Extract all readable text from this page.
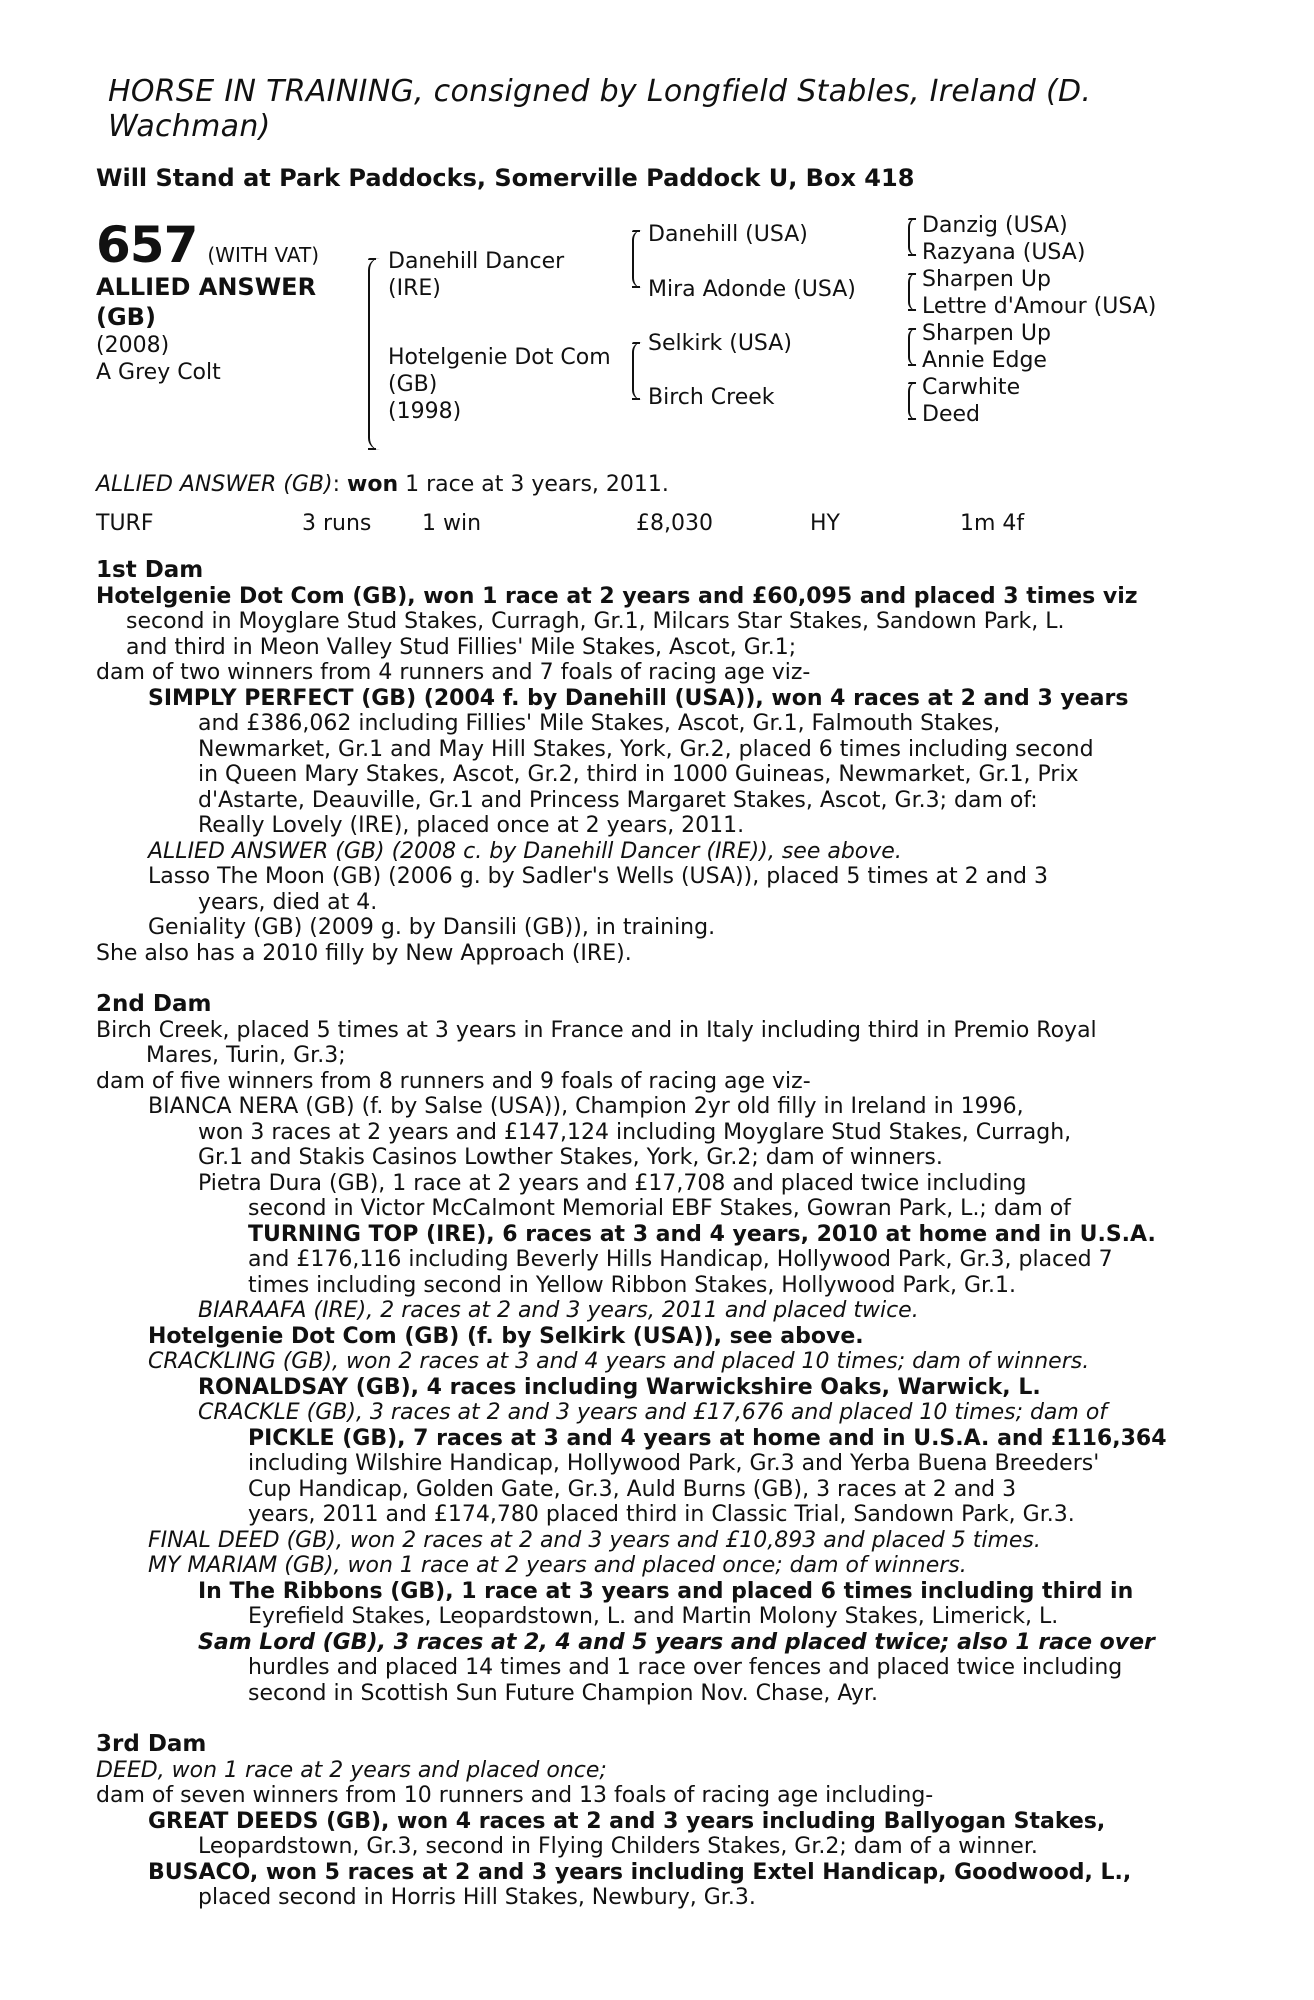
HORSE IN TRAINING, consigned by Longfield Stables, Ireland (D. Wachman)
Will Stand at Park Paddocks, Somerville Paddock U, Box 418
657 (WITH VAT)
ALLIED ANSWER
(GB)
(2008)
A Grey Colt
Danehill Dancer
(IRE)
Hotelgenie Dot Com
(GB)
(1998)
Danehill (USA)
Mira Adonde (USA)
Selkirk (USA)
Birch Creek
Danzig (USA)
Razyana (USA)
Sharpen Up
Lettre d'Amour (USA)
Sharpen Up
Annie Edge
Carwhite
Deed
ALLIED ANSWER (GB): won 1 race at 3 years, 2011.
TURF	3 runs	1 win	£8,030	HY	1m 4f
1st Dam
Hotelgenie Dot Com (GB), won 1 race at 2 years and £60,095 and placed 3 times viz
second in Moyglare Stud Stakes, Curragh, Gr.1, Milcars Star Stakes, Sandown Park, L.
and third in Meon Valley Stud Fillies' Mile Stakes, Ascot, Gr.1;
dam of two winners from 4 runners and 7 foals of racing age viz-
SIMPLY PERFECT (GB) (2004 f. by Danehill (USA)), won 4 races at 2 and 3 years
and £386,062 including Fillies' Mile Stakes, Ascot, Gr.1, Falmouth Stakes,
Newmarket, Gr.1 and May Hill Stakes, York, Gr.2, placed 6 times including second
in Queen Mary Stakes, Ascot, Gr.2, third in 1000 Guineas, Newmarket, Gr.1, Prix
d'Astarte, Deauville, Gr.1 and Princess Margaret Stakes, Ascot, Gr.3; dam of:
Really Lovely (IRE), placed once at 2 years, 2011.
ALLIED ANSWER (GB) (2008 c. by Danehill Dancer (IRE)), see above.
Lasso The Moon (GB) (2006 g. by Sadler's Wells (USA)), placed 5 times at 2 and 3
years, died at 4.
Geniality (GB) (2009 g. by Dansili (GB)), in training.
She also has a 2010 filly by New Approach (IRE).
2nd Dam
Birch Creek, placed 5 times at 3 years in France and in Italy including third in Premio Royal
Mares, Turin, Gr.3;
dam of five winners from 8 runners and 9 foals of racing age viz-
BIANCA NERA (GB) (f. by Salse (USA)), Champion 2yr old filly in Ireland in 1996,
won 3 races at 2 years and £147,124 including Moyglare Stud Stakes, Curragh,
Gr.1 and Stakis Casinos Lowther Stakes, York, Gr.2; dam of winners.
Pietra Dura (GB), 1 race at 2 years and £17,708 and placed twice including
second in Victor McCalmont Memorial EBF Stakes, Gowran Park, L.; dam of
TURNING TOP (IRE), 6 races at 3 and 4 years, 2010 at home and in U.S.A.
and £176,116 including Beverly Hills Handicap, Hollywood Park, Gr.3, placed 7
times including second in Yellow Ribbon Stakes, Hollywood Park, Gr.1.
BIARAAFA (IRE), 2 races at 2 and 3 years, 2011 and placed twice.
Hotelgenie Dot Com (GB) (f. by Selkirk (USA)), see above.
CRACKLING (GB), won 2 races at 3 and 4 years and placed 10 times; dam of winners.
RONALDSAY (GB), 4 races including Warwickshire Oaks, Warwick, L.
CRACKLE (GB), 3 races at 2 and 3 years and £17,676 and placed 10 times; dam of
PICKLE (GB), 7 races at 3 and 4 years at home and in U.S.A. and £116,364
including Wilshire Handicap, Hollywood Park, Gr.3 and Yerba Buena Breeders'
Cup Handicap, Golden Gate, Gr.3, Auld Burns (GB), 3 races at 2 and 3
years, 2011 and £174,780 placed third in Classic Trial, Sandown Park, Gr.3.
FINAL DEED (GB), won 2 races at 2 and 3 years and £10,893 and placed 5 times.
MY MARIAM (GB), won 1 race at 2 years and placed once; dam of winners.
In The Ribbons (GB), 1 race at 3 years and placed 6 times including third in
Eyrefield Stakes, Leopardstown, L. and Martin Molony Stakes, Limerick, L.
Sam Lord (GB), 3 races at 2, 4 and 5 years and placed twice; also 1 race over
hurdles and placed 14 times and 1 race over fences and placed twice including
second in Scottish Sun Future Champion Nov. Chase, Ayr.
3rd Dam
DEED, won 1 race at 2 years and placed once;
dam of seven winners from 10 runners and 13 foals of racing age including-
GREAT DEEDS (GB), won 4 races at 2 and 3 years including Ballyogan Stakes,
Leopardstown, Gr.3, second in Flying Childers Stakes, Gr.2; dam of a winner.
BUSACO, won 5 races at 2 and 3 years including Extel Handicap, Goodwood, L.,
placed second in Horris Hill Stakes, Newbury, Gr.3.
